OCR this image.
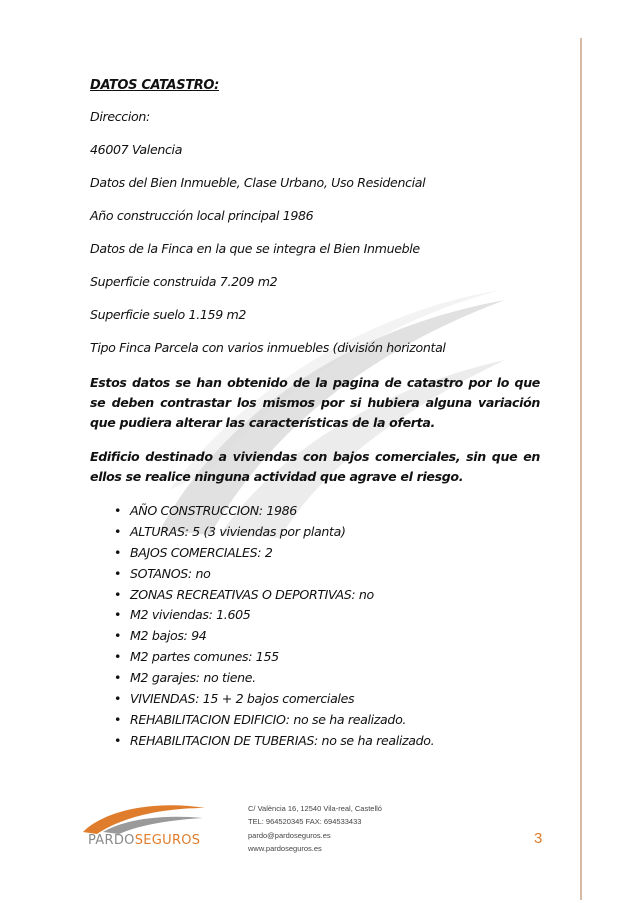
DATOS CATASTRO:
Direccion:
46007 Valencia
Datos del Bien Inmueble, Clase Urbano, Uso Residencial
Año construcción local principal 1986
Datos de la Finca en la que se integra el Bien Inmueble
Superficie construida 7.209 m2
Superficie suelo 1.159 m2
Tipo Finca Parcela con varios inmuebles (división horizontal
Estos datos se han obtenido de la pagina de catastro por lo que se deben contrastar los mismos por si hubiera alguna variación que pudiera alterar las características de la oferta.
Edificio destinado a viviendas con bajos comerciales, sin que en ellos se realice ninguna actividad que agrave el riesgo.
• AÑO CONSTRUCCION: 1986
• ALTURAS: 5 (3 viviendas por planta)
• BAJOS COMERCIALES: 2
• SOTANOS: no
• ZONAS RECREATIVAS O DEPORTIVAS: no
• M2 viviendas: 1.605
• M2 bajos: 94
• M2 partes comunes: 155
• M2 garajes: no tiene.
• VIVIENDAS: 15 + 2 bajos comerciales
• REHABILITACION EDIFICIO: no se ha realizado.
• REHABILITACION DE TUBERIAS: no se ha realizado.
PARDOSEGUROS
C/ València 16, 12540 Vila-real, Castelló
TEL: 964520345 FAX: 694533433
pardo@pardoseguros.es
www.pardoseguros.es
3
